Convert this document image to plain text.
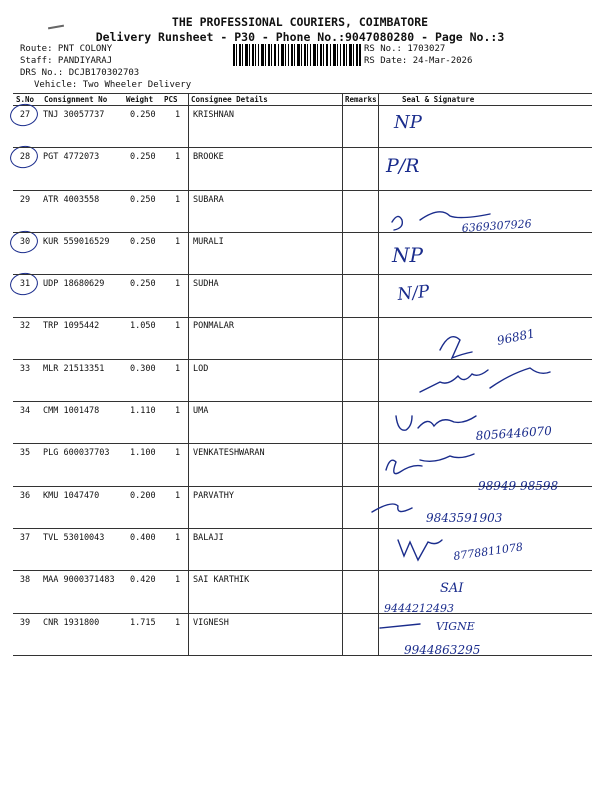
THE PROFESSIONAL COURIERS, COIMBATORE
Delivery Runsheet - P30 - Phone No.:9047080280 - Page No.:3
Route: PNT COLONY
Staff: PANDIYARAJ
DRS No.: DCJB170302703
Vehicle: Two Wheeler Delivery
RS No.: 1703027
RS Date: 24-Mar-2026
S.No Consignment No	Weight PCS Consignee Details	Remarks	Seal & Signature
27	TNJ 30057737	0.250 1 KRISHNAN
28	PGT 4772073	0.250 1 BROOKE
29	ATR 4003558	0.250 1 SUBARA
30	KUR 559016529 0.250 1 MURALI
31	UDP 18680629	0.250 1 SUDHA
32	TRP 1095442	1.050 1 PONMALAR
33	MLR 21513351	0.300 1 LOD
34	CMM 1001478	1.110 1 UMA
35	PLG 600037703 1.100 1 VENKATESHWARAN
36	KMU 1047470	0.200 1 PARVATHY
37	TVL 53010043	0.400 1 BALAJI
38	MAA 9000371483 0.420 1 SAI KARTHIK
39	CNR 1931800	1.715 1 VIGNESH
NP
P/R
6369307926
NP
N/P
96881
8056446070
98949 98598
9843591903
8778811078
SAI
9444212493
VIGNE
9944863295
